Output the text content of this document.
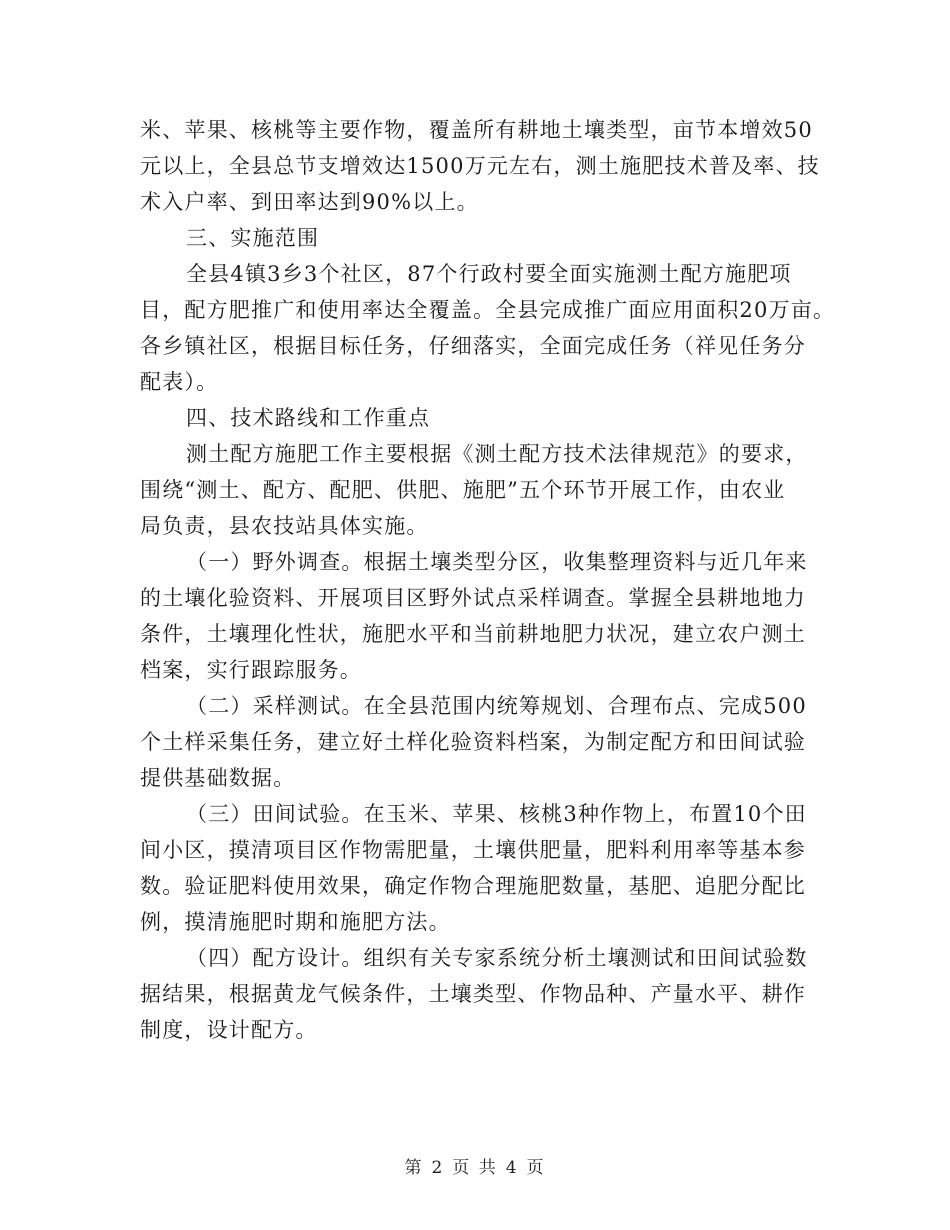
米、苹果、核桃等主要作物，覆盖所有耕地土壤类型，亩节本增效50
元以上，全县总节支增效达1500万元左右，测土施肥技术普及率、技
术入户率、到田率达到90%以上。
三、实施范围
全县4镇3乡3个社区，87个行政村要全面实施测土配方施肥项
目，配方肥推广和使用率达全覆盖。全县完成推广面应用面积20万亩。
各乡镇社区，根据目标任务，仔细落实，全面完成任务（祥见任务分
配表）。
四、技术路线和工作重点
测土配方施肥工作主要根据《测土配方技术法律规范》的要求，
围绕“测土、配方、配肥、供肥、施肥”五个环节开展工作，由农业
局负责，县农技站具体实施。
（一）野外调查。根据土壤类型分区，收集整理资料与近几年来
的土壤化验资料、开展项目区野外试点采样调查。掌握全县耕地地力
条件，土壤理化性状，施肥水平和当前耕地肥力状况，建立农户测土
档案，实行跟踪服务。
（二）采样测试。在全县范围内统筹规划、合理布点、完成500
个土样采集任务，建立好土样化验资料档案，为制定配方和田间试验
提供基础数据。
（三）田间试验。在玉米、苹果、核桃3种作物上，布置10个田
间小区，摸清项目区作物需肥量，土壤供肥量，肥料利用率等基本参
数。验证肥料使用效果，确定作物合理施肥数量，基肥、追肥分配比
例，摸清施肥时期和施肥方法。
（四）配方设计。组织有关专家系统分析土壤测试和田间试验数
据结果，根据黄龙气候条件，土壤类型、作物品种、产量水平、耕作
制度，设计配方。
第 2 页 共 4 页
